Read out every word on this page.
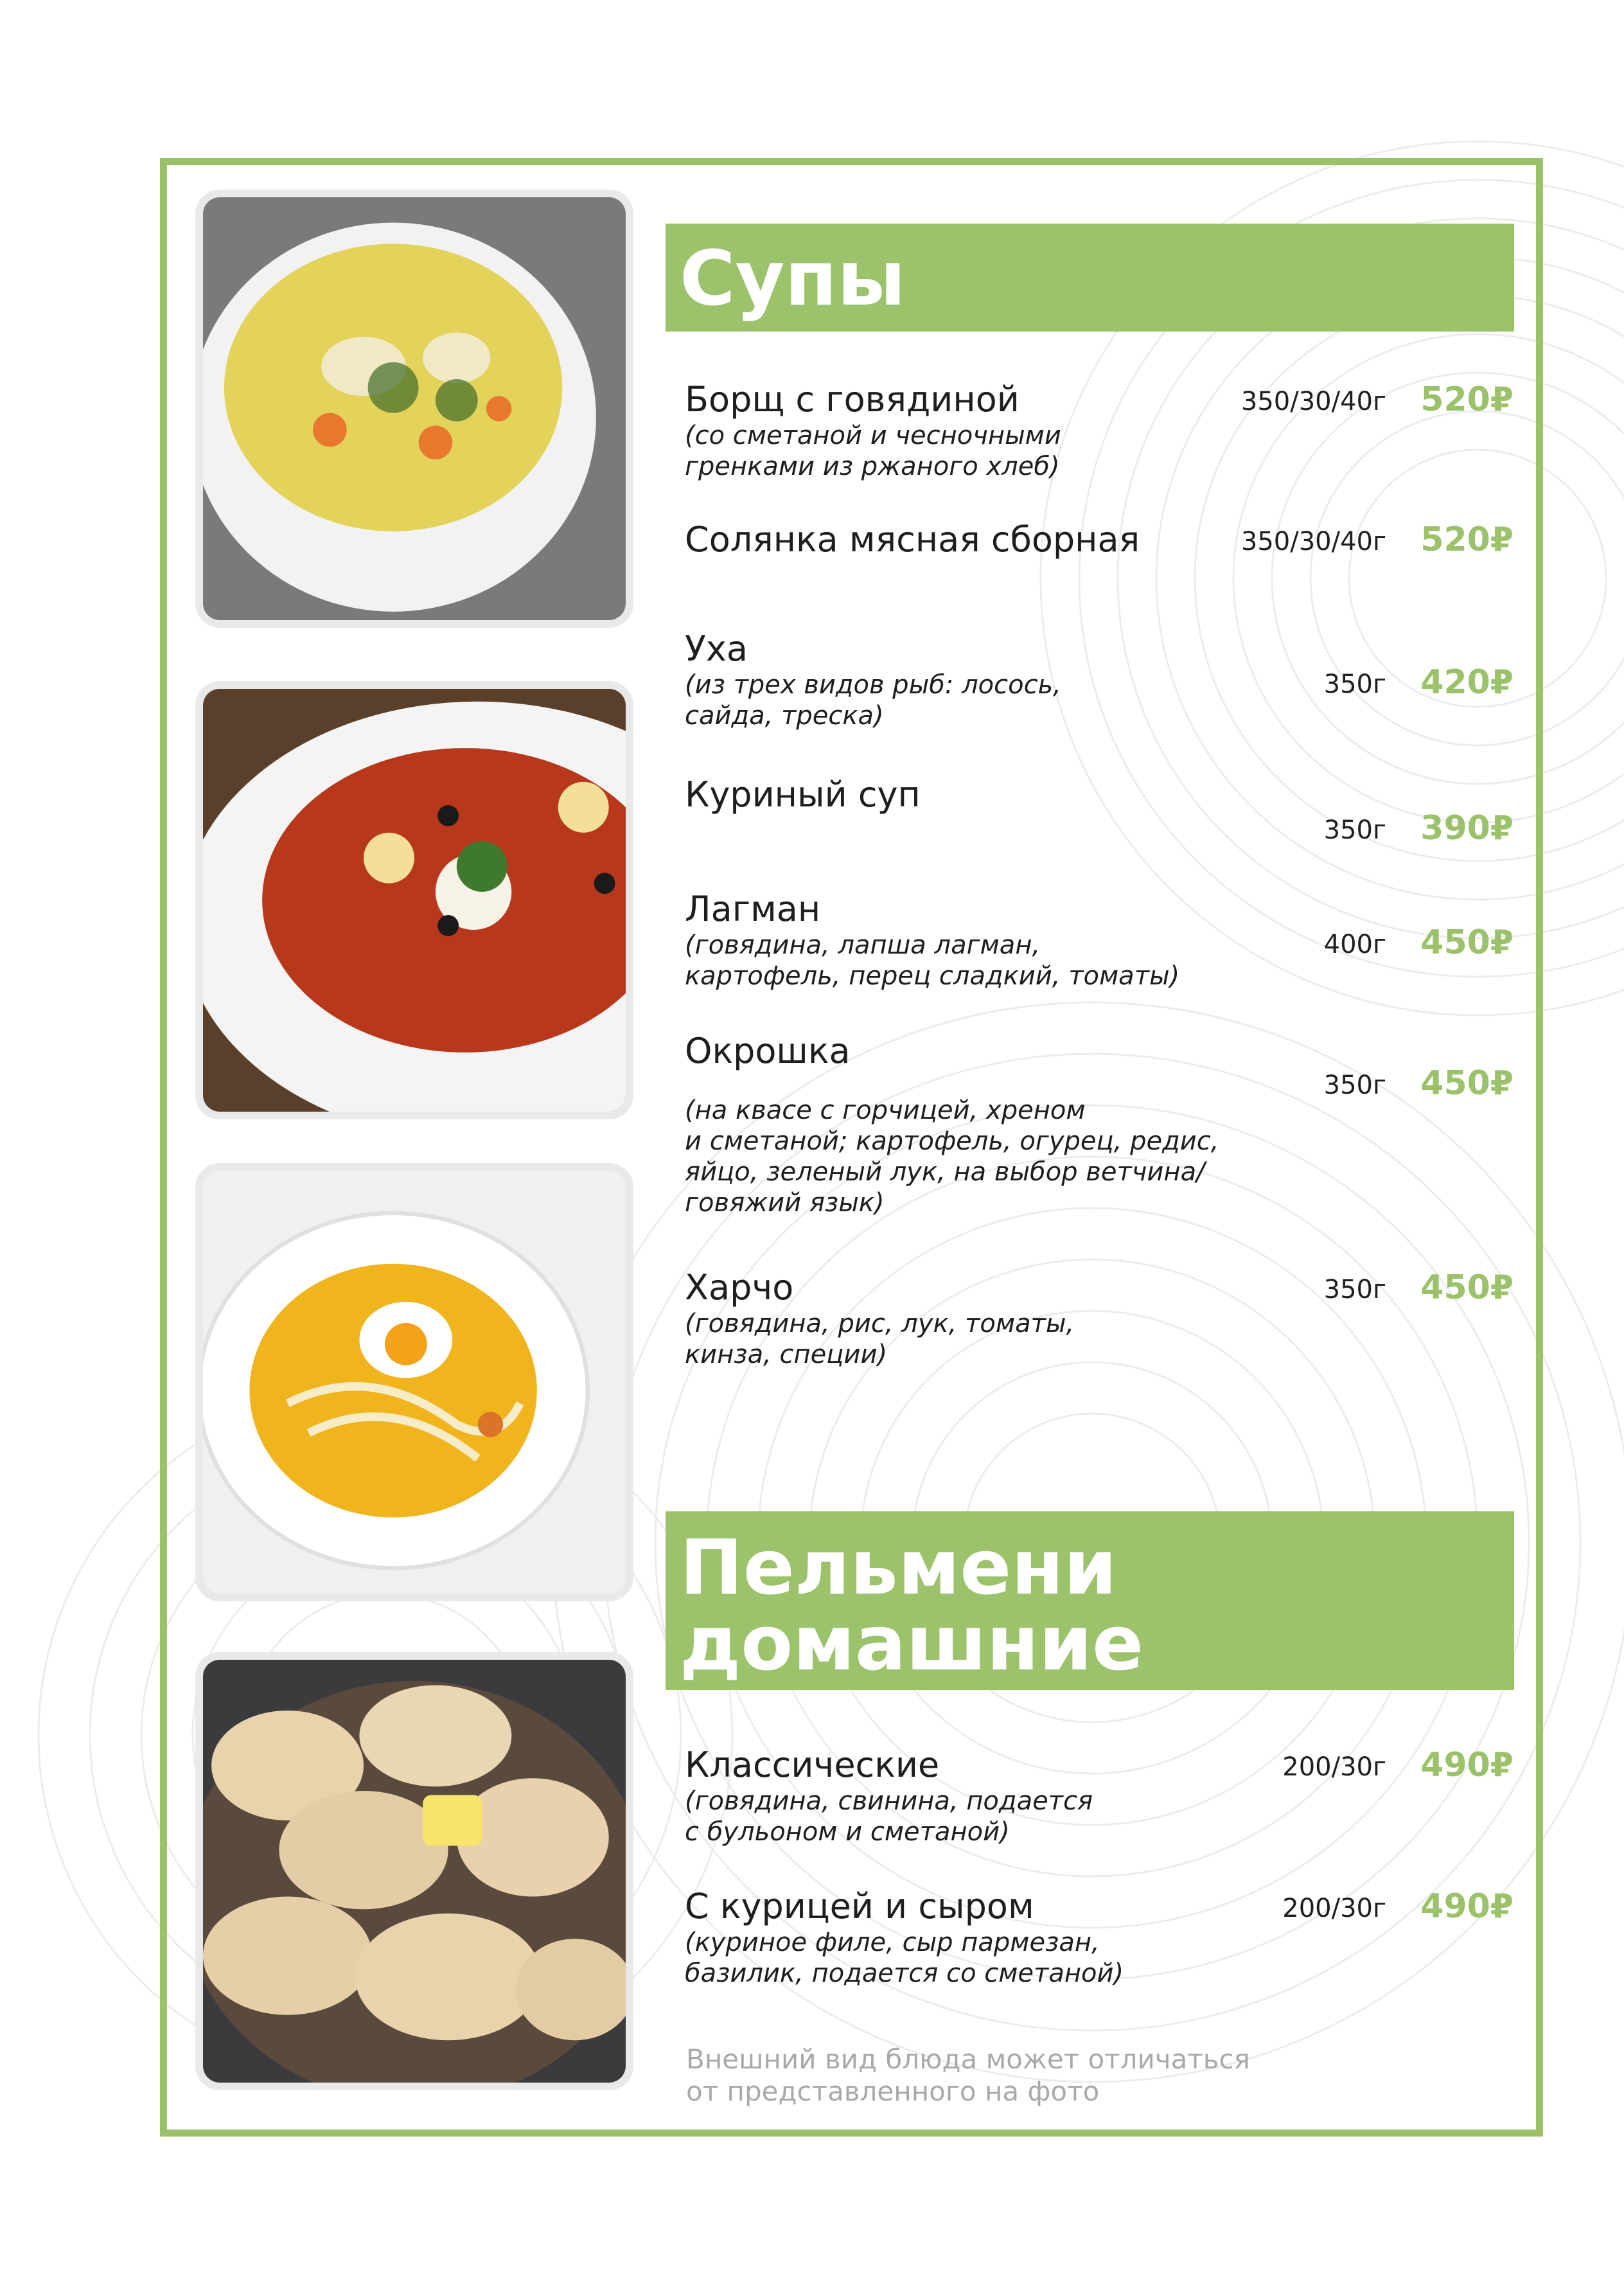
Супы
Борщ с говядиной
(со сметаной и чесночными
гренками из ржаного хлеб)
350/30/40г 520₽
Солянка мясная сборная	350/30/40г 520₽
Уха
(из трех видов рыб: лосось,
сайда, треска)
350г 420₽
Куриный суп
350г 390₽
Лагман
(говядина, лапша лагман,
картофель, перец сладкий, томаты)
400г 450₽
Окрошка
(на квасе с горчицей, хреном
и сметаной; картофель, огурец, редис,
яйцо, зеленый лук, на выбор ветчина/
говяжий язык)
350г 450₽
Харчо
(говядина, рис, лук, томаты,
кинза, специи)
350г 450₽
Пельмени
домашние
Классические
(говядина, свинина, подается
с бульоном и сметаной)
200/30г 490₽
С курицей и сыром
(куриное филе, сыр пармезан,
базилик, подается со сметаной)
200/30г 490₽
Внешний вид блюда может отличаться
от представленного на фото
